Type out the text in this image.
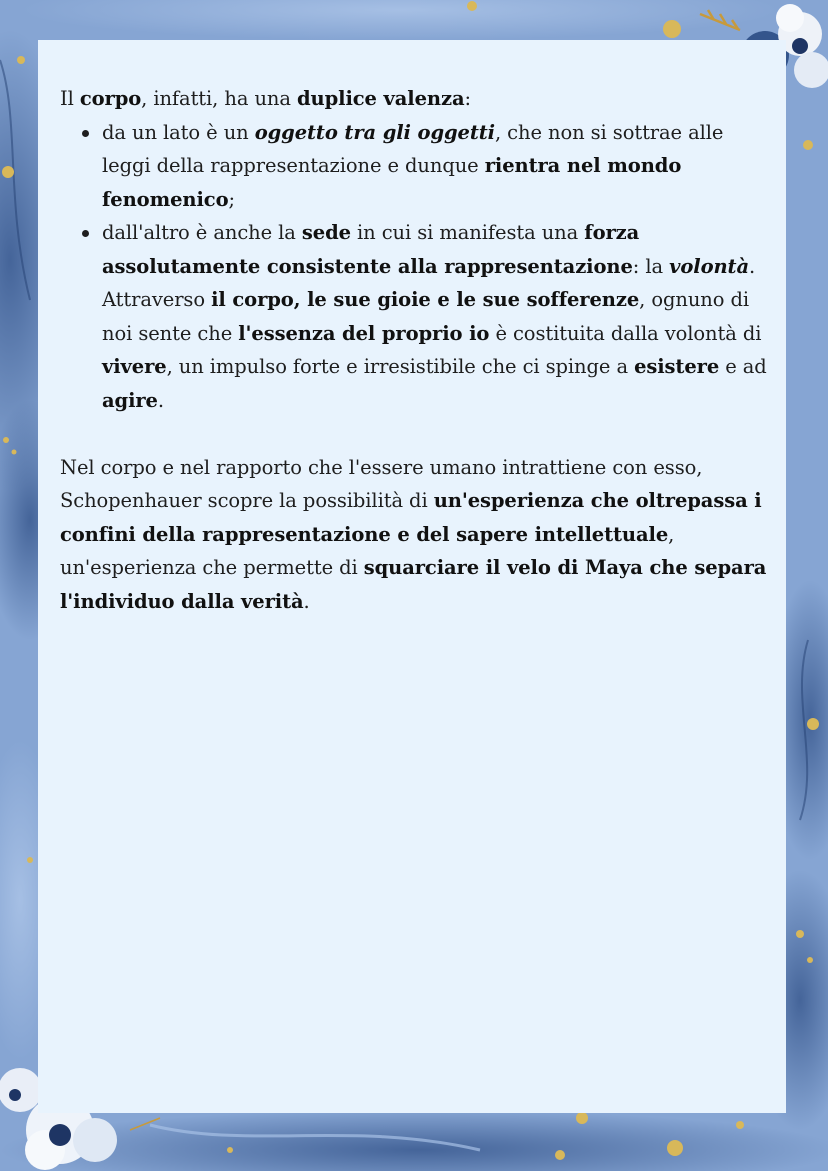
Il corpo, infatti, ha una duplice valenza:

da un lato è un oggetto tra gli oggetti, che non si sottrae alle leggi della rappresentazione e dunque rientra nel mondo fenomenico;
dall'altro è anche la sede in cui si manifesta una forza assolutamente consistente alla rappresentazione: la volontà. Attraverso il corpo, le sue gioie e le sue sofferenze, ognuno di noi sente che l'essenza del proprio io è costituita dalla volontà di vivere, un impulso forte e irresistibile che ci spinge a esistere e ad agire.

Nel corpo e nel rapporto che l'essere umano intrattiene con esso, Schopenhauer scopre la possibilità di un'esperienza che oltrepassa i confini della rappresentazione e del sapere intellettuale, un'esperienza che permette di squarciare il velo di Maya che separa l'individuo dalla verità.
